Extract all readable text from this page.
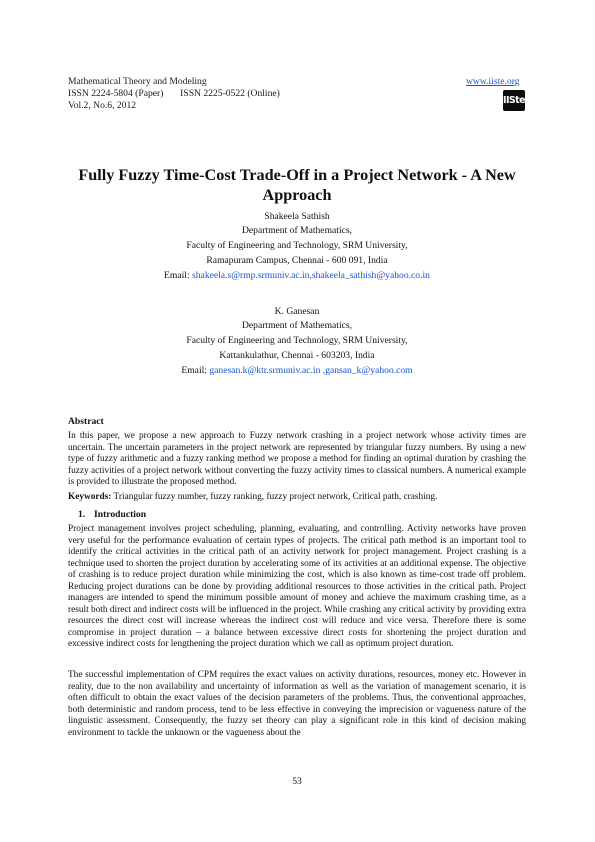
Mathematical Theory and Modeling
ISSN 2224-5804 (Paper)       ISSN 2225-0522 (Online)
Vol.2, No.6, 2012
www.iiste.org
IISte
Fully Fuzzy Time-Cost Trade-Off in a Project Network - A New
Approach
Shakeela Sathish
Department of Mathematics,
Faculty of Engineering and Technology, SRM University,
Ramapuram Campus, Chennai - 600 091, India
Email: shakeela.s@rmp.srmuniv.ac.in,shakeela_sathish@yahoo.co.in
K. Ganesan
Department of Mathematics,
Faculty of Engineering and Technology, SRM University,
Kattankulathur, Chennai - 603203, India
Email: ganesan.k@ktr.srmuniv.ac.in ,gansan_k@yahoo.com
Abstract

In this paper, we propose a new approach to Fuzzy network crashing in a project network whose activity times are uncertain. The uncertain parameters in the project network are represented by triangular fuzzy numbers. By using a new type of fuzzy arithmetic and a fuzzy ranking method we propose a method for finding an optimal duration by crashing the fuzzy activities of a project network without converting the fuzzy activity times to classical numbers. A numerical example is provided to illustrate the proposed method.

Keywords: Triangular fuzzy number, fuzzy ranking, fuzzy project network, Critical path, crashing.
1. Introduction

Project management involves project scheduling, planning, evaluating, and controlling. Activity networks have proven very useful for the performance evaluation of certain types of projects. The critical path method is an important tool to identify the critical activities in the critical path of an activity network for project management. Project crashing is a technique used to shorten the project duration by accelerating some of its activities at an additional expense. The objective of crashing is to reduce project duration while minimizing the cost, which is also known as time-cost trade off problem. Reducing project durations can be done by providing additional resources to those activities in the critical path. Project managers are intended to spend the minimum possible amount of money and achieve the maximum crashing time, as a result both direct and indirect costs will be influenced in the project. While crashing any critical activity by providing extra resources the direct cost will increase whereas the indirect cost will reduce and vice versa. Therefore there is some compromise in project duration – a balance between excessive direct costs for shortening the project duration and excessive indirect costs for lengthening the project duration which we call as optimum project duration.

The successful implementation of CPM requires the exact values on activity durations, resources, money etc. However in reality, due to the non availability and uncertainty of information as well as the variation of management scenario, it is often difficult to obtain the exact values of the decision parameters of the problems. Thus, the conventional approaches, both deterministic and random process, tend to be less effective in conveying the imprecision or vagueness nature of the linguistic assessment. Consequently, the fuzzy set theory can play a significant role in this kind of decision making environment to tackle the unknown or the vagueness about the

53
